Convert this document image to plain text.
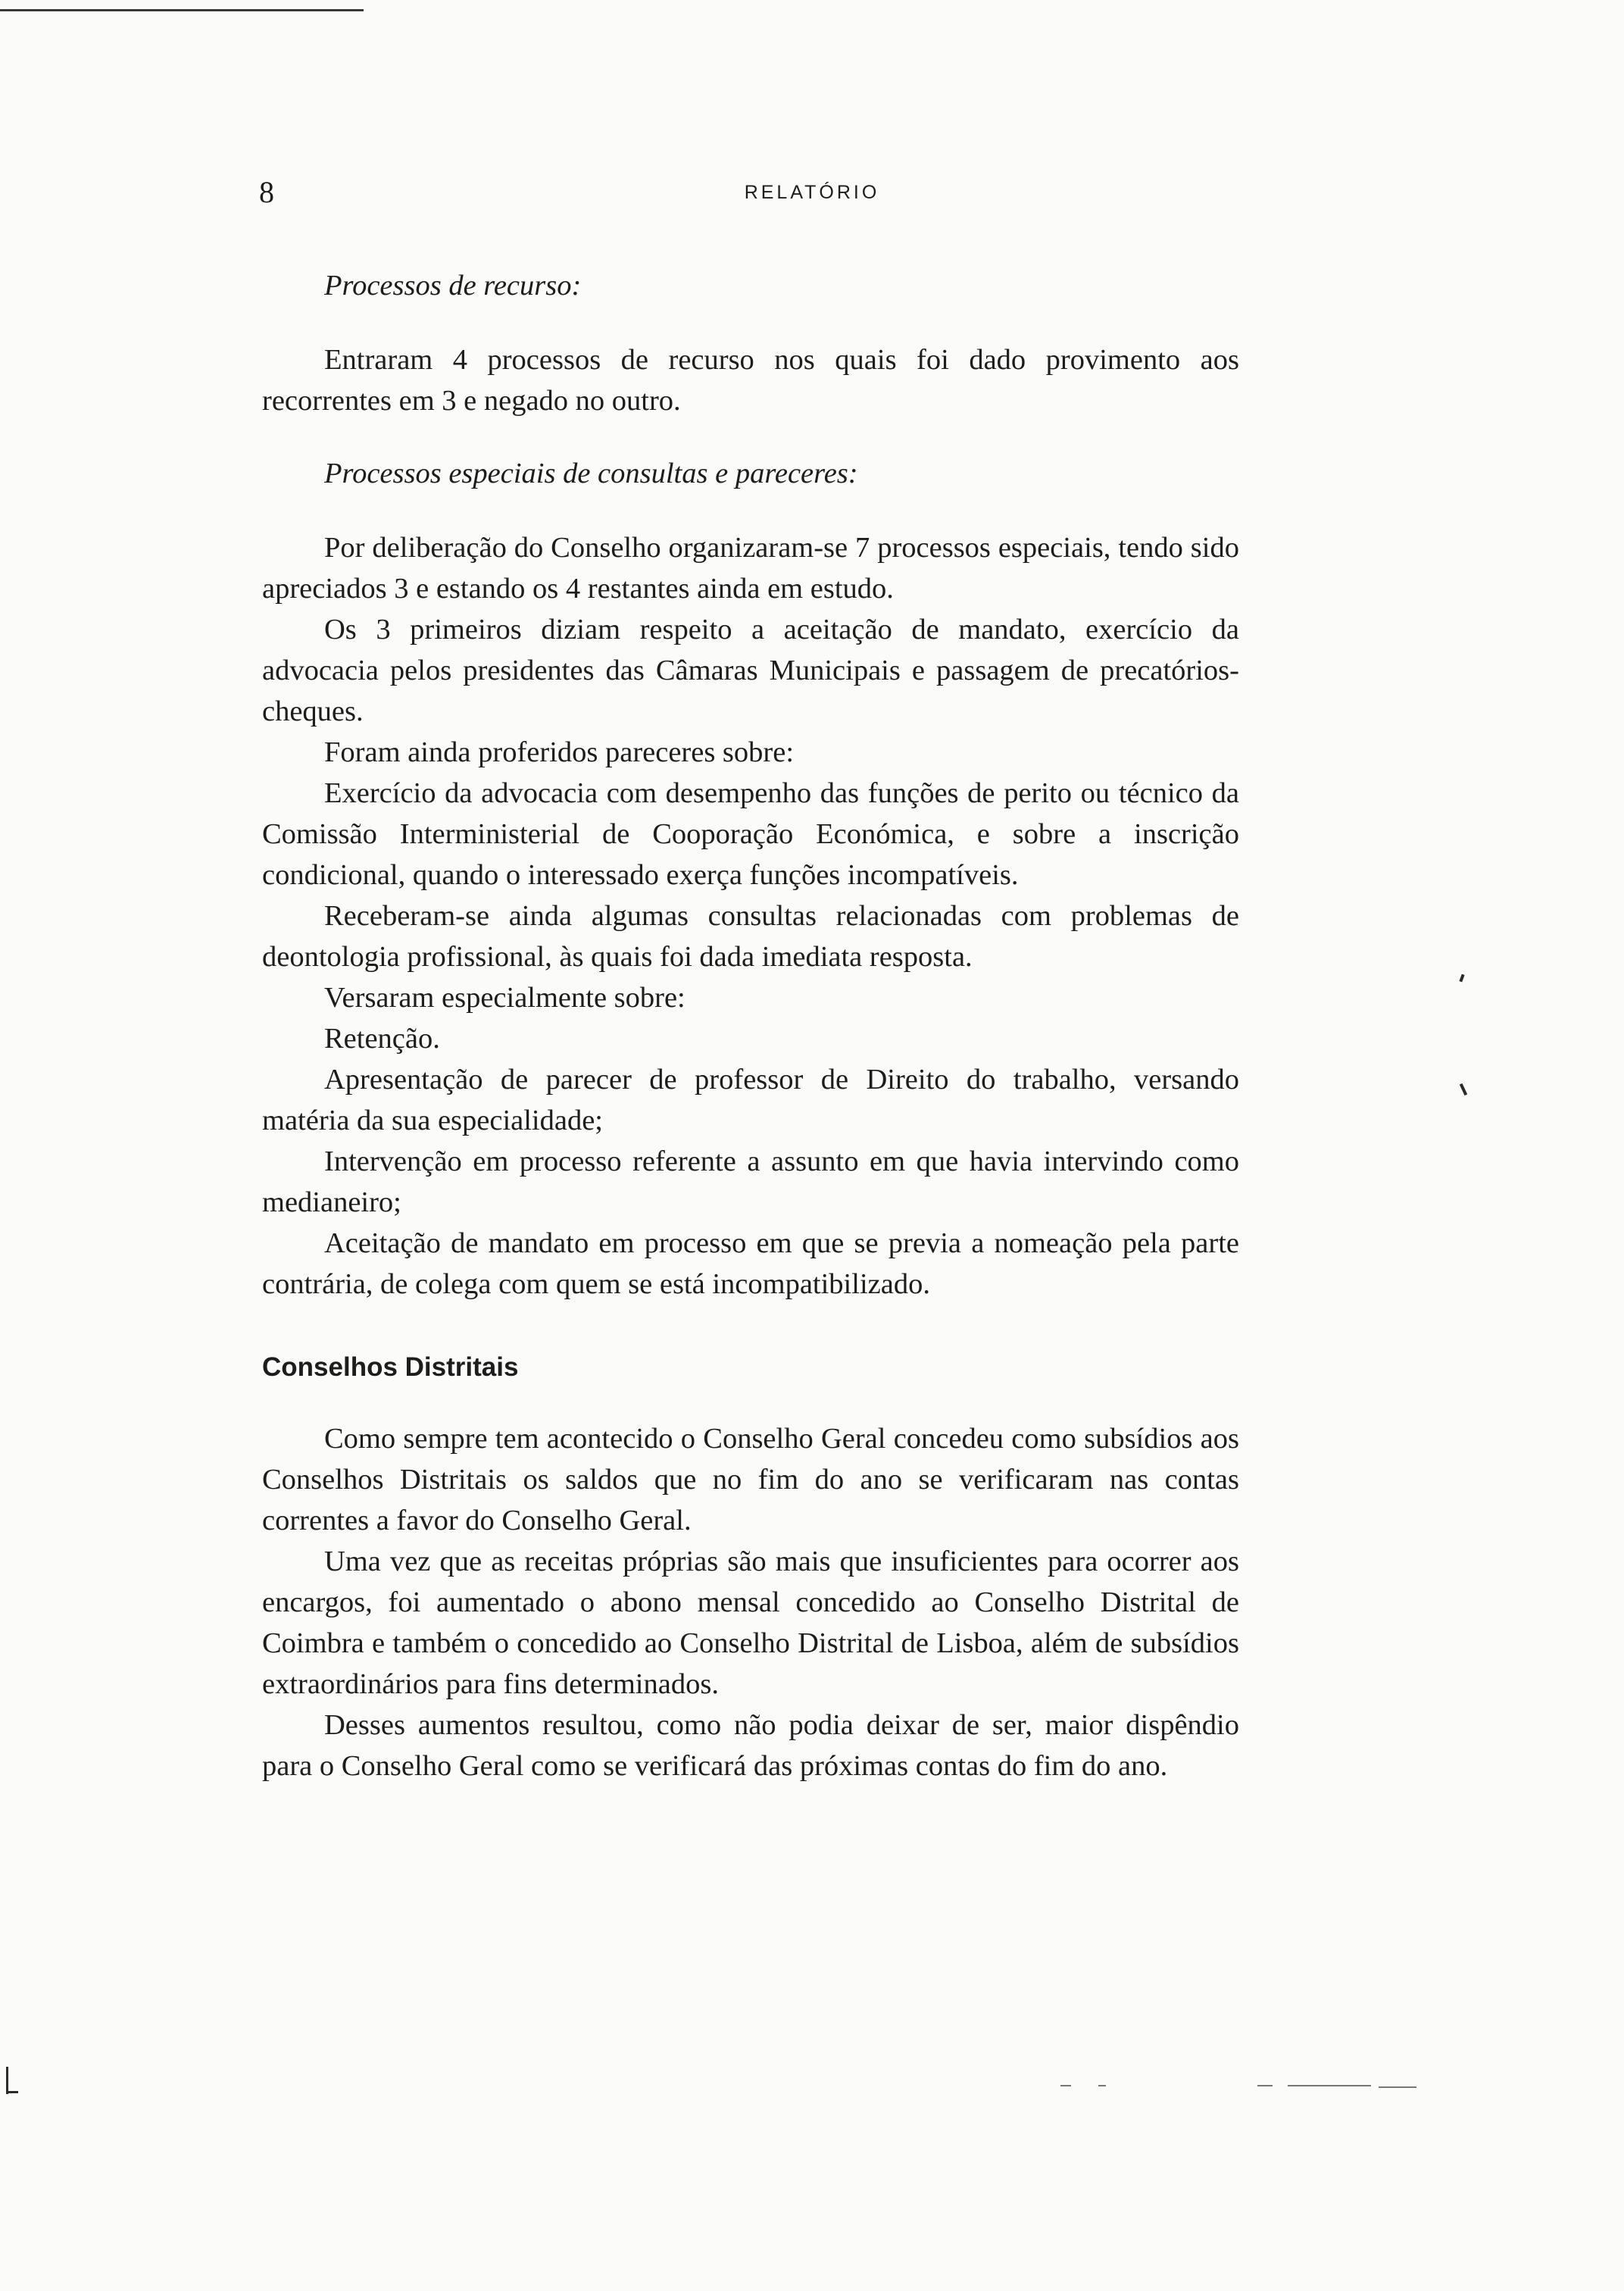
8	RELATÓRIO

Processos de recurso:

Entraram 4 processos de recurso nos quais foi dado provimento aos recorrentes em 3 e negado no outro.

Processos especiais de consultas e pareceres:

Por deliberação do Conselho organizaram-se 7 processos especiais, tendo sido apreciados 3 e estando os 4 restantes ainda em estudo.

Os 3 primeiros diziam respeito a aceitação de mandato, exercício da advocacia pelos presidentes das Câmaras Municipais e passagem de precatórios-cheques.

Foram ainda proferidos pareceres sobre:

Exercício da advocacia com desempenho das funções de perito ou técnico da Comissão Interministerial de Cooporação Económica, e sobre a inscrição condicional, quando o interessado exerça funções incompatíveis.

Receberam-se ainda algumas consultas relacionadas com problemas de deontologia profissional, às quais foi dada imediata resposta.

Versaram especialmente sobre:

Retenção.

Apresentação de parecer de professor de Direito do trabalho, versando matéria da sua especialidade;

Intervenção em processo referente a assunto em que havia intervindo como medianeiro;

Aceitação de mandato em processo em que se previa a nomeação pela parte contrária, de colega com quem se está incompatibilizado.

Conselhos Distritais

Como sempre tem acontecido o Conselho Geral concedeu como subsídios aos Conselhos Distritais os saldos que no fim do ano se verificaram nas contas correntes a favor do Conselho Geral.

Uma vez que as receitas próprias são mais que insuficientes para ocorrer aos encargos, foi aumentado o abono mensal concedido ao Conselho Distrital de Coimbra e também o concedido ao Conselho Distrital de Lisboa, além de subsídios extraordinários para fins determinados.

Desses aumentos resultou, como não podia deixar de ser, maior dispêndio para o Conselho Geral como se verificará das próximas contas do fim do ano.
